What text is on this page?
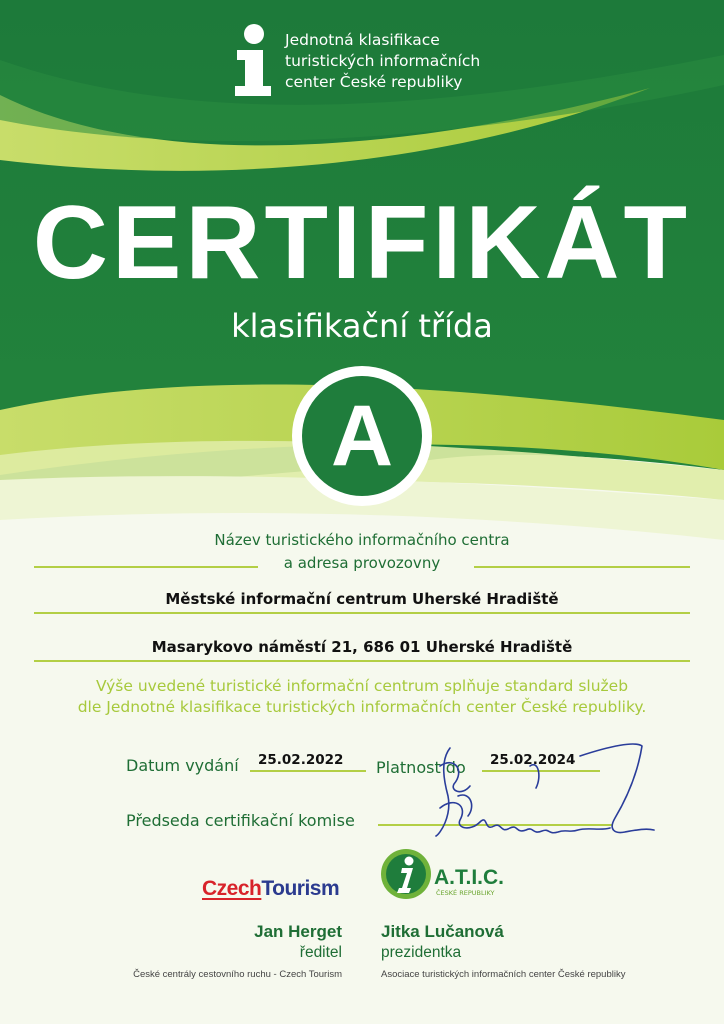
Jednotná klasifikace
turistických informačních
center České republiky
CERTIFIKÁT
klasifikační třída
A
Název turistického informačního centra
a adresa provozovny
Městské informační centrum Uherské Hradiště
Masarykovo náměstí 21, 686 01 Uherské Hradiště
Výše uvedené turistické informační centrum splňuje standard služeb
dle Jednotné klasifikace turistických informačních center České republiky.
Datum vydání 25.02.2022 Platnost do 25.02.2024
Předseda certifikační komise
CzechTourism	A.T.I.C.
ČESKÉ REPUBLIKY
Jan Herget
ředitel
České centrály cestovního ruchu - Czech Tourism
Jitka Lučanová
prezidentka
Asociace turistických informačních center České republiky
